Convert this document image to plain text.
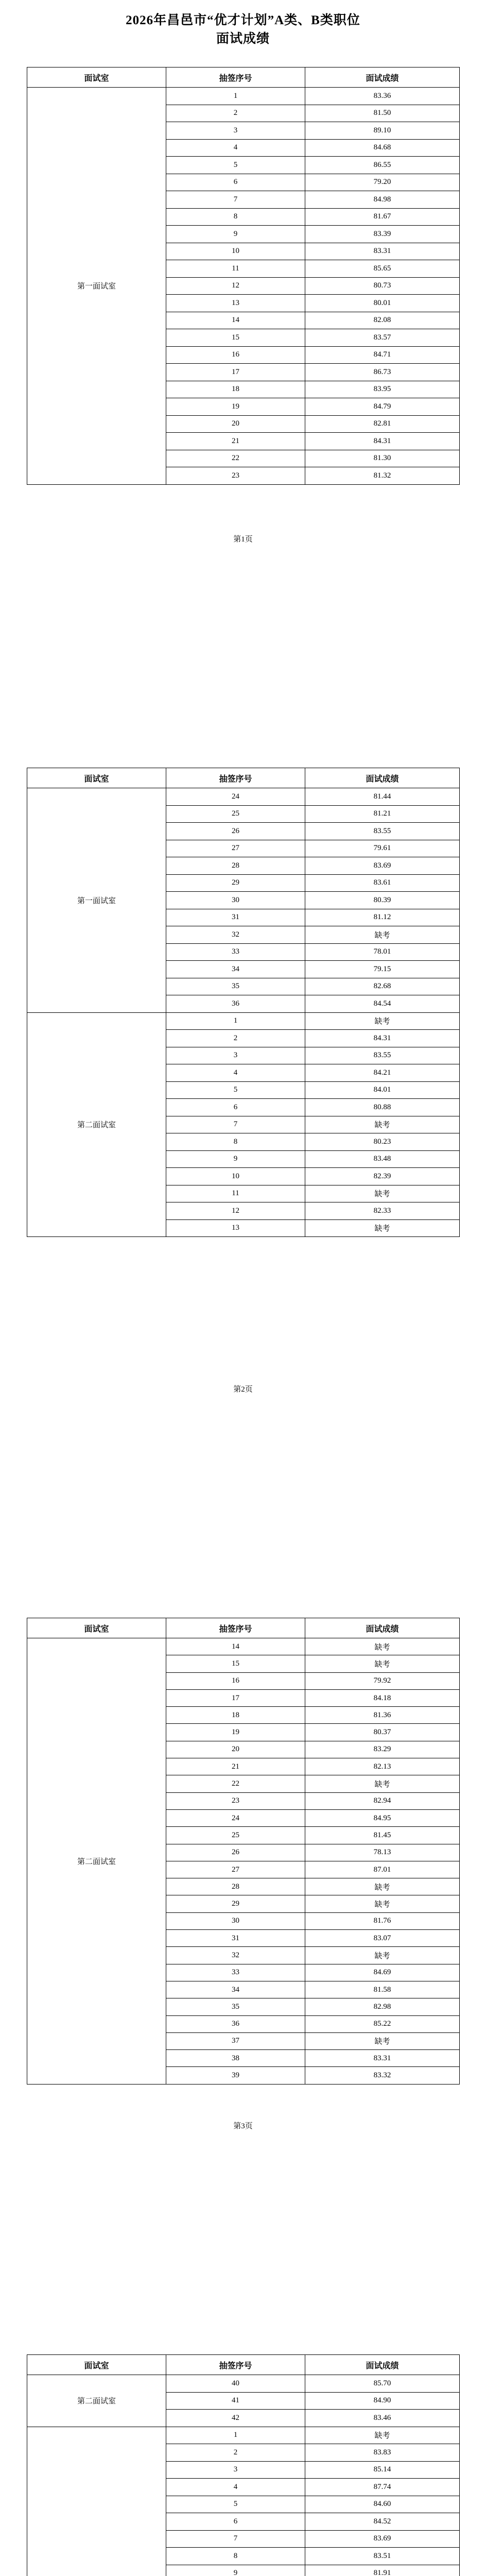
2026年昌邑市“优才计划”A类、B类职位
面试成绩
面试室	抽签序号	面试成绩
第一面试室	1	83.36
	2	81.50
	3	89.10
	4	84.68
	5	86.55
	6	79.20
	7	84.98
	8	81.67
	9	83.39
	10	83.31
	11	85.65
	12	80.73
	13	80.01
	14	82.08
	15	83.57
	16	84.71
	17	86.73
	18	83.95
	19	84.79
	20	82.81
	21	84.31
	22	81.30
	23	81.32
第1页
面试室	抽签序号	面试成绩
第一面试室	24	81.44
	25	81.21
	26	83.55
	27	79.61
	28	83.69
	29	83.61
	30	80.39
	31	81.12
	32	缺考
	33	78.01
	34	79.15
	35	82.68
	36	84.54
第二面试室	1	缺考
	2	84.31
	3	83.55
	4	84.21
	5	84.01
	6	80.88
	7	缺考
	8	80.23
	9	83.48
	10	82.39
	11	缺考
	12	82.33
	13	缺考
第2页
面试室	抽签序号	面试成绩
第二面试室	14	缺考
	15	缺考
	16	79.92
	17	84.18
	18	81.36
	19	80.37
	20	83.29
	21	82.13
	22	缺考
	23	82.94
	24	84.95
	25	81.45
	26	78.13
	27	87.01
	28	缺考
	29	缺考
	30	81.76
	31	83.07
	32	缺考
	33	84.69
	34	81.58
	35	82.98
	36	85.22
	37	缺考
	38	83.31
	39	83.32
第3页
面试室	抽签序号	面试成绩
第二面试室	40	85.70
	41	84.90
	42	83.46
	1	缺考
	2	83.83
	3	85.14
	4	87.74
	5	84.60
	6	84.52
	7	83.69
	8	83.51
	9	81.91
